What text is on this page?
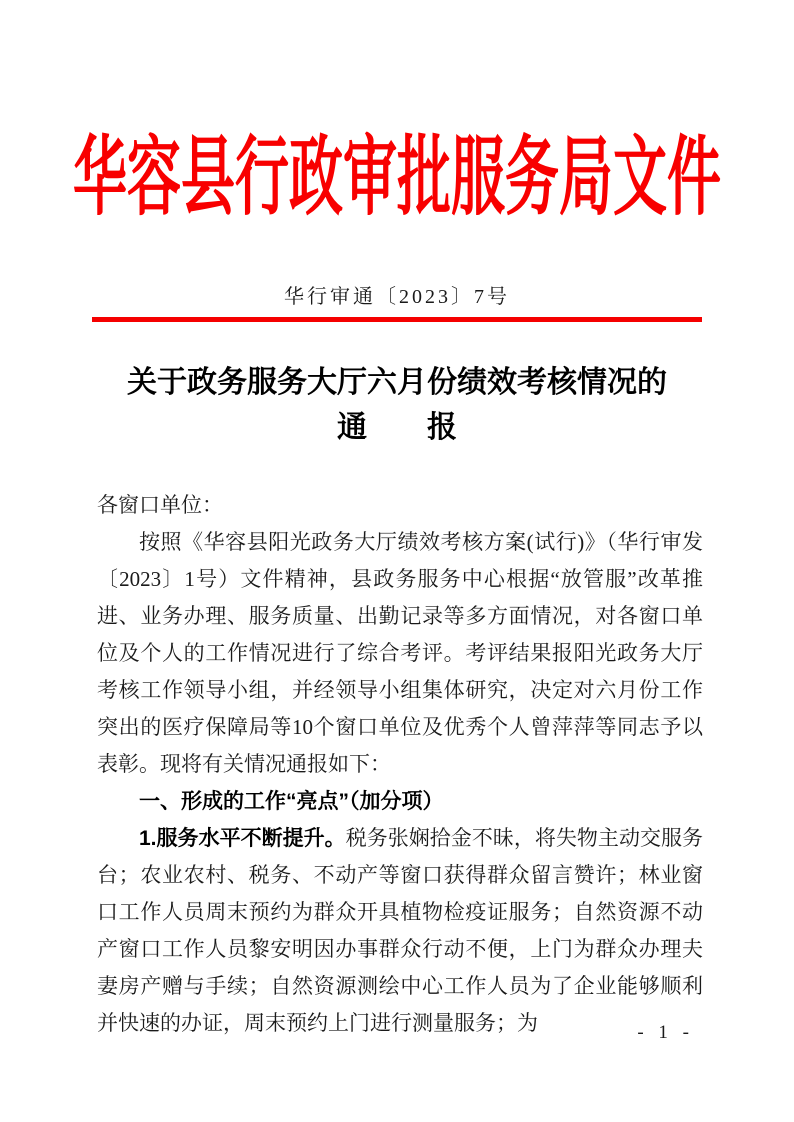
华容县行政审批服务局文件
华行审通〔2023〕7号
关于政务服务大厅六月份绩效考核情况的
通　　报

各窗口单位：

按照《华容县阳光政务大厅绩效考核方案(试行)》（华行审发〔2023〕1号）文件精神，县政务服务中心根据“放管服”改革推进、业务办理、服务质量、出勤记录等多方面情况，对各窗口单位及个人的工作情况进行了综合考评。考评结果报阳光政务大厅考核工作领导小组，并经领导小组集体研究，决定对六月份工作突出的医疗保障局等10个窗口单位及优秀个人曾萍萍等同志予以表彰。现将有关情况通报如下：

一、形成的工作“亮点”（加分项）

1.服务水平不断提升。税务张娴拾金不昧，将失物主动交服务台；农业农村、税务、不动产等窗口获得群众留言赞许；林业窗口工作人员周末预约为群众开具植物检疫证服务；自然资源不动产窗口工作人员黎安明因办事群众行动不便，上门为群众办理夫妻房产赠与手续；自然资源测绘中心工作人员为了企业能够顺利并快速的办证，周末预约上门进行测量服务；为	- 1 -
